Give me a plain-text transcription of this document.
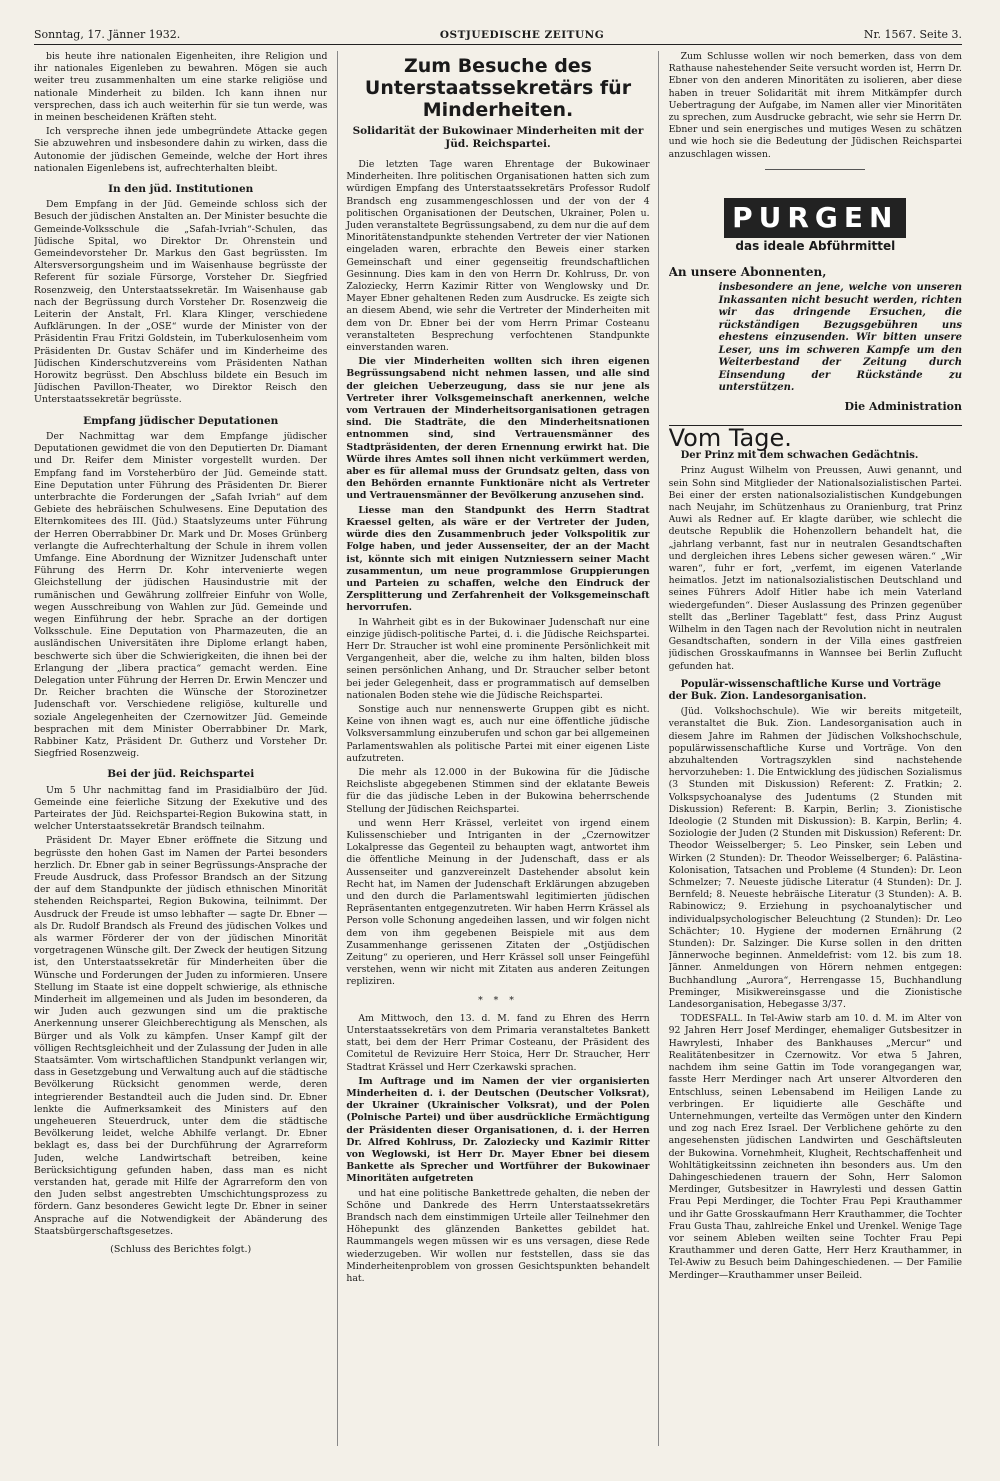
Sonntag, 17. Jänner 1932.	OSTJUEDISCHE ZEITUNG	Nr. 1567. Seite 3.

bis heute ihre nationalen Eigenheiten, ihre Religion und ihr nationales Eigenleben zu bewahren. Mögen sie auch weiter treu zusammenhalten um eine starke religiöse und nationale Minderheit zu bilden. Ich kann ihnen nur versprechen, dass ich auch weiterhin für sie tun werde, was in meinen bescheidenen Kräften steht.

Ich verspreche ihnen jede umbegründete Attacke gegen Sie abzuwehren und insbesondere dahin zu wirken, dass die Autonomie der jüdischen Gemeinde, welche der Hort ihres nationalen Eigenlebens ist, aufrechterhalten bleibt.

In den jüd. Institutionen

Dem Empfang in der Jüd. Gemeinde schloss sich der Besuch der jüdischen Anstalten an. Der Minister besuchte die Gemeinde-Volksschule die „Safah-Ivriah“-Schulen, das Jüdische Spital, wo Direktor Dr. Ohrenstein und Gemeindevorsteher Dr. Markus den Gast begrüssten. Im Altersversorgungsheim und im Waisenhause begrüsste der Referent für soziale Fürsorge, Vorsteher Dr. Siegfried Rosenzweig, den Unterstaatssekretär. Im Waisenhause gab nach der Begrüssung durch Vorsteher Dr. Rosenzweig die Leiterin der Anstalt, Frl. Klara Klinger, verschiedene Aufklärungen. In der „OSE“ wurde der Minister von der Präsidentin Frau Fritzi Goldstein, im Tuberkulosenheim vom Präsidenten Dr. Gustav Schäfer und im Kinderheime des Jüdischen Kinderschutzvereins vom Präsidenten Nathan Horowitz begrüsst. Den Abschluss bildete ein Besuch im Jüdischen Pavillon-Theater, wo Direktor Reisch den Unterstaatssekretär begrüsste.

Empfang jüdischer Deputationen

Der Nachmittag war dem Empfange jüdischer Deputationen gewidmet die von den Deputierten Dr. Diamant und Dr. Reifer dem Minister vorgestellt wurden. Der Empfang fand im Vorsteherbüro der Jüd. Gemeinde statt. Eine Deputation unter Führung des Präsidenten Dr. Bierer unterbrachte die Forderungen der „Safah Ivriah“ auf dem Gebiete des hebräischen Schulwesens. Eine Deputation des Elternkomitees des III. (Jüd.) Staatslyzeums unter Führung der Herren Oberrabbiner Dr. Mark und Dr. Moses Grünberg verlangte die Aufrechterhaltung der Schule in ihrem vollen Umfange. Eine Abordnung der Wiznitzer Judenschaft unter Führung des Herrn Dr. Kohr intervenierte wegen Gleichstellung der jüdischen Hausindustrie mit der rumänischen und Gewährung zollfreier Einfuhr von Wolle, wegen Ausschreibung von Wahlen zur Jüd. Gemeinde und wegen Einführung der hebr. Sprache an der dortigen Volksschule. Eine Deputation von Pharmazeuten, die an ausländischen Universitäten ihre Diplome erlangt haben, beschwerte sich über die Schwierigkeiten, die ihnen bei der Erlangung der „libera practica“ gemacht werden. Eine Delegation unter Führung der Herren Dr. Erwin Menczer und Dr. Reicher brachten die Wünsche der Storozinetzer Judenschaft vor. Verschiedene religiöse, kulturelle und soziale Angelegenheiten der Czernowitzer Jüd. Gemeinde besprachen mit dem Minister Oberrabbiner Dr. Mark, Rabbiner Katz, Präsident Dr. Gutherz und Vorsteher Dr. Siegfried Rosenzweig.

Bei der jüd. Reichspartei

Um 5 Uhr nachmittag fand im Prasidialbüro der Jüd. Gemeinde eine feierliche Sitzung der Exekutive und des Parteirates der Jüd. Reichspartei-Region Bukowina statt, in welcher Unterstaatssekretär Brandsch teilnahm.

Präsident Dr. Mayer Ebner eröffnete die Sitzung und begrüsste den hohen Gast im Namen der Partei besonders herzlich. Dr. Ebner gab in seiner Begrüssungs-Ansprache der Freude Ausdruck, dass Professor Brandsch an der Sitzung der auf dem Standpunkte der jüdisch ethnischen Minorität stehenden Reichspartei, Region Bukowina, teilnimmt. Der Ausdruck der Freude ist umso lebhafter — sagte Dr. Ebner — als Dr. Rudolf Brandsch als Freund des jüdischen Volkes und als warmer Förderer der von der jüdischen Minorität vorgetragenen Wünsche gilt. Der Zweck der heutigen Sitzung ist, den Unterstaatssekretär für Minderheiten über die Wünsche und Forderungen der Juden zu informieren. Unsere Stellung im Staate ist eine doppelt schwierige, als ethnische Minderheit im allgemeinen und als Juden im besonderen, da wir Juden auch gezwungen sind um die praktische Anerkennung unserer Gleichberechtigung als Menschen, als Bürger und als Volk zu kämpfen. Unser Kampf gilt der völligen Rechtsgleichheit und der Zulassung der Juden in alle Staatsämter. Vom wirtschaftlichen Standpunkt verlangen wir, dass in Gesetzgebung und Verwaltung auch auf die städtische Bevölkerung Rücksicht genommen werde, deren integrierender Bestandteil auch die Juden sind. Dr. Ebner lenkte die Aufmerksamkeit des Ministers auf den ungeheueren Steuerdruck, unter dem die städtische Bevölkerung leidet, welche Abhilfe verlangt. Dr. Ebner beklagt es, dass bei der Durchführung der Agrarreform Juden, welche Landwirtschaft betreiben, keine Berücksichtigung gefunden haben, dass man es nicht verstanden hat, gerade mit Hilfe der Agrarreform den von den Juden selbst angestrebten Umschichtungsprozess zu fördern. Ganz besonderes Gewicht legte Dr. Ebner in seiner Ansprache auf die Notwendigkeit der Abänderung des Staatsbürgerschaftsgesetzes.

(Schluss des Berichtes folgt.)
Zum Besuche des Unterstaatssekretärs für Minderheiten.
Solidarität der Bukowinaer Minderheiten mit der Jüd. Reichspartei.

Die letzten Tage waren Ehrentage der Bukowinaer Minderheiten. Ihre politischen Organisationen hatten sich zum würdigen Empfang des Unterstaatssekretärs Professor Rudolf Brandsch eng zusammengeschlossen und der von der 4 politischen Organisationen der Deutschen, Ukrainer, Polen u. Juden veranstaltete Begrüssungsabend, zu dem nur die auf dem Minoritätenstandpunkte stehenden Vertreter der vier Nationen eingeladen waren, erbrachte den Beweis einer starken Gemeinschaft und einer gegenseitig freundschaftlichen Gesinnung. Dies kam in den von Herrn Dr. Kohlruss, Dr. von Zaloziecky, Herrn Kazimir Ritter von Wenglowsky und Dr. Mayer Ebner gehaltenen Reden zum Ausdrucke. Es zeigte sich an diesem Abend, wie sehr die Vertreter der Minderheiten mit dem von Dr. Ebner bei der vom Herrn Primar Costeanu veranstalteten Besprechung verfochtenen Standpunkte einverstanden waren.

Die vier Minderheiten wollten sich ihren eigenen Begrüssungsabend nicht nehmen lassen, und alle sind der gleichen Ueberzeugung, dass sie nur jene als Vertreter ihrer Volksgemeinschaft anerkennen, welche vom Vertrauen der Minderheitsorganisationen getragen sind. Die Stadträte, die den Minderheitsnationen entnommen sind, sind Vertrauensmänner des Stadtpräsidenten, der deren Ernennung erwirkt hat. Die Würde ihres Amtes soll ihnen nicht verkümmert werden, aber es für allemal muss der Grundsatz gelten, dass von den Behörden ernannte Funktionäre nicht als Vertreter und Vertrauensmänner der Bevölkerung anzusehen sind.

Liesse man den Standpunkt des Herrn Stadtrat Kraessel gelten, als wäre er der Vertreter der Juden, würde dies den Zusammenbruch jeder Volkspolitik zur Folge haben, und jeder Aussenseiter, der an der Macht ist, könnte sich mit einigen Nutzniessern seiner Macht zusammentun, um neue programmlose Gruppierungen und Parteien zu schaffen, welche den Eindruck der Zersplitterung und Zerfahrenheit der Volksgemeinschaft hervorrufen.

In Wahrheit gibt es in der Bukowinaer Judenschaft nur eine einzige jüdisch-politische Partei, d. i. die Jüdische Reichspartei. Herr Dr. Straucher ist wohl eine prominente Persönlichkeit mit Vergangenheit, aber die, welche zu ihm halten, bilden bloss seinen persönlichen Anhang, und Dr. Straucher selber betont bei jeder Gelegenheit, dass er programmatisch auf demselben nationalen Boden stehe wie die Jüdische Reichspartei.

Sonstige auch nur nennenswerte Gruppen gibt es nicht. Keine von ihnen wagt es, auch nur eine öffentliche jüdische Volksversammlung einzuberufen und schon gar bei allgemeinen Parlamentswahlen als politische Partei mit einer eigenen Liste aufzutreten.

Die mehr als 12.000 in der Bukowina für die Jüdische Reichsliste abgegebenen Stimmen sind der eklatante Beweis für die das jüdische Leben in der Bukowina beherrschende Stellung der Jüdischen Reichspartei.

und wenn Herr Krässel, verleitet von irgend einem Kulissenschieber und Intriganten in der „Czernowitzer Lokalpresse das Gegenteil zu behaupten wagt, antwortet ihm die öffentliche Meinung in der Judenschaft, dass er als Aussenseiter und ganzvereinzelt Dastehender absolut kein Recht hat, im Namen der Judenschaft Erklärungen abzugeben und den durch die Parlamentswahl legitimierten jüdischen Repräsentanten entgegenzutreten. Wir haben Herrn Krässel als Person volle Schonung angedeihen lassen, und wir folgen nicht dem von ihm gegebenen Beispiele mit aus dem Zusammenhange gerissenen Zitaten der „Ostjüdischen Zeitung“ zu operieren, und Herr Krässel soll unser Feingefühl verstehen, wenn wir nicht mit Zitaten aus anderen Zeitungen repliziren.

* * *

Am Mittwoch, den 13. d. M. fand zu Ehren des Herrn Unterstaatssekretärs von dem Primaria veranstaltetes Bankett statt, bei dem der Herr Primar Costeanu, der Präsident des Comitetul de Revizuire Herr Stoica, Herr Dr. Straucher, Herr Stadtrat Krässel und Herr Czerkawski sprachen.

Im Auftrage und im Namen der vier organisierten Minderheiten d. i. der Deutschen (Deutscher Volksrat), der Ukrainer (Ukrainischer Volksrat), und der Polen (Polnische Partei) und über ausdrückliche Ermächtigung der Präsidenten dieser Organisationen, d. i. der Herren Dr. Alfred Kohlruss, Dr. Zaloziecky und Kazimir Ritter von Weglowski, ist Herr Dr. Mayer Ebner bei diesem Bankette als Sprecher und Wortführer der Bukowinaer Minoritäten aufgetreten

und hat eine politische Bankettrede gehalten, die neben der Schöne und Dankrede des Herrn Unterstaatssekretärs Brandsch nach dem einstimmigen Urteile aller Teilnehmer den Höhepunkt des glänzenden Bankettes gebildet hat. Raummangels wegen müssen wir es uns versagen, diese Rede wiederzugeben. Wir wollen nur feststellen, dass sie das Minderheitenproblem von grossen Gesichtspunkten behandelt hat.

Zum Schlusse wollen wir noch bemerken, dass von dem Rathause nahestehender Seite versucht worden ist, Herrn Dr. Ebner von den anderen Minoritäten zu isolieren, aber diese haben in treuer Solidarität mit ihrem Mitkämpfer durch Uebertragung der Aufgabe, im Namen aller vier Minoritäten zu sprechen, zum Ausdrucke gebracht, wie sehr sie Herrn Dr. Ebner und sein energisches und mutiges Wesen zu schätzen und wie hoch sie die Bedeutung der Jüdischen Reichspartei anzuschlagen wissen.

PURGEN
das ideale Abführmittel
An unsere Abonnenten,
insbesondere an jene, welche von unseren Inkassanten nicht besucht werden, richten wir das dringende Ersuchen, die rückständigen Bezugsgebühren uns ehestens einzusenden. Wir bitten unsere Leser, uns im schweren Kampfe um den Weiterbestand der Zeitung durch Einsendung der Rückstände zu unterstützen.
Die Administration
Vom Tage.
Der Prinz mit dem schwachen Gedächtnis.

Prinz August Wilhelm von Preussen, Auwi genannt, und sein Sohn sind Mitglieder der Nationalsozialistischen Partei. Bei einer der ersten nationalsozialistischen Kundgebungen nach Neujahr, im Schützenhaus zu Oranienburg, trat Prinz Auwi als Redner auf. Er klagte darüber, wie schlecht die deutsche Republik die Hohenzollern behandelt hat, die „jahrlang verbannt, fast nur in neutralen Gesandtschaften und dergleichen ihres Lebens sicher gewesen wären.“ „Wir waren“, fuhr er fort, „verfemt, im eigenen Vaterlande heimatlos. Jetzt im nationalsozialistischen Deutschland und seines Führers Adolf Hitler habe ich mein Vaterland wiedergefunden“. Dieser Auslassung des Prinzen gegenüber stellt das „Berliner Tageblatt“ fest, dass Prinz August Wilhelm in den Tagen nach der Revolution nicht in neutralen Gesandtschaften, sondern in der Villa eines gastfreien jüdischen Grosskaufmanns in Wannsee bei Berlin Zuflucht gefunden hat.

Populär-wissenschaftliche Kurse und Vorträge der Buk. Zion. Landesorganisation.

(Jüd. Volkshochschule). Wie wir bereits mitgeteilt, veranstaltet die Buk. Zion. Landesorganisation auch in diesem Jahre im Rahmen der Jüdischen Volkshochschule, populärwissenschaftliche Kurse und Vorträge. Von den abzuhaltenden Vortragszyklen sind nachstehende hervorzuheben: 1. Die Entwicklung des jüdischen Sozialismus (3 Stunden mit Diskussion) Referent: Z. Fratkin; 2. Volkspsychoanalyse des Judentums (2 Stunden mit Diskussion) Referent: B. Karpin, Berlin; 3. Zionistische Ideologie (2 Stunden mit Diskussion): B. Karpin, Berlin; 4. Soziologie der Juden (2 Stunden mit Diskussion) Referent: Dr. Theodor Weisselberger; 5. Leo Pinsker, sein Leben und Wirken (2 Stunden): Dr. Theodor Weisselberger; 6. Palästina-Kolonisation, Tatsachen und Probleme (4 Stunden): Dr. Leon Schmelzer; 7. Neueste jüdische Literatur (4 Stunden): Dr. J. Bernfeld; 8. Neueste hebräische Literatur (3 Stunden): A. B. Rabinowicz; 9. Erziehung in psychoanalytischer und individualpsychologischer Beleuchtung (2 Stunden): Dr. Leo Schächter; 10. Hygiene der modernen Ernährung (2 Stunden): Dr. Salzinger. Die Kurse sollen in den dritten Jännerwoche beginnen. Anmeldefrist: vom 12. bis zum 18. Jänner. Anmeldungen von Hörern nehmen entgegen: Buchhandlung „Aurora“, Herrengasse 15, Buchhandlung Preminger, Misikwereinsgasse und die Zionistische Landesorganisation, Hebegasse 3/37.

TODESFALL. In Tel-Awiw starb am 10. d. M. im Alter von 92 Jahren Herr Josef Merdinger, ehemaliger Gutsbesitzer in Hawrylesti, Inhaber des Bankhauses „Mercur“ und Realitätenbesitzer in Czernowitz. Vor etwa 5 Jahren, nachdem ihm seine Gattin im Tode vorangegangen war, fasste Herr Merdinger nach Art unserer Altvorderen den Entschluss, seinen Lebensabend im Heiligen Lande zu verbringen. Er liquidierte alle Geschäfte und Unternehmungen, verteilte das Vermögen unter den Kindern und zog nach Erez Israel. Der Verblichene gehörte zu den angesehensten jüdischen Landwirten und Geschäftsleuten der Bukowina. Vornehmheit, Klugheit, Rechtschaffenheit und Wohltätigkeitssinn zeichneten ihn besonders aus. Um den Dahingeschiedenen trauern der Sohn, Herr Salomon Merdinger, Gutsbesitzer in Hawrylesti und dessen Gattin Frau Pepi Merdinger, die Tochter Frau Pepi Krauthammer und ihr Gatte Grosskaufmann Herr Krauthammer, die Tochter Frau Gusta Thau, zahlreiche Enkel und Urenkel. Wenige Tage vor seinem Ableben weilten seine Tochter Frau Pepi Krauthammer und deren Gatte, Herr Herz Krauthammer, in Tel-Awiw zu Besuch beim Dahingeschiedenen. — Der Familie Merdinger—Krauthammer unser Beileid.
